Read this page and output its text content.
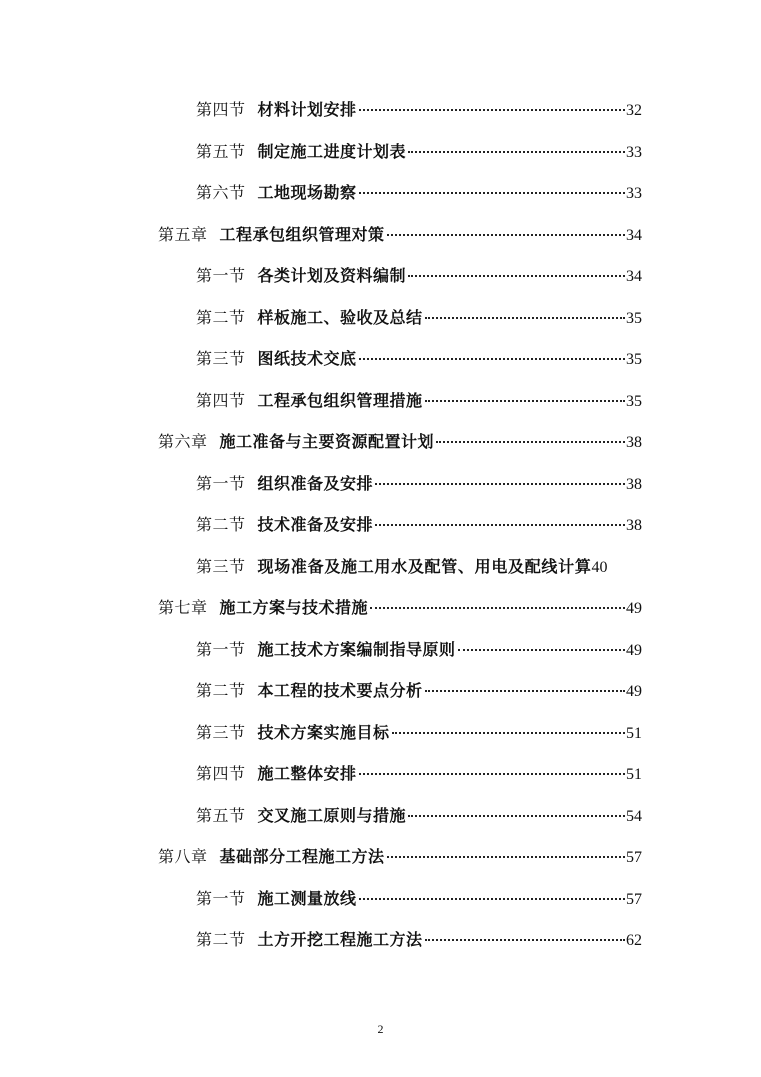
第四节 材料计划安排	32
第五节 制定施工进度计划表	33
第六节 工地现场勘察	33
第五章 工程承包组织管理对策	34
第一节 各类计划及资料编制	34
第二节 样板施工、验收及总结	35
第三节 图纸技术交底	35
第四节 工程承包组织管理措施	35
第六章 施工准备与主要资源配置计划	38
第一节 组织准备及安排	38
第二节 技术准备及安排	38
第三节 现场准备及施工用水及配管、用电及配线计算 40
第七章 施工方案与技术措施	49
第一节 施工技术方案编制指导原则	49
第二节 本工程的技术要点分析	49
第三节 技术方案实施目标	51
第四节 施工整体安排	51
第五节 交叉施工原则与措施	54
第八章 基础部分工程施工方法	57
第一节 施工测量放线	57
第二节 土方开挖工程施工方法	62
2
